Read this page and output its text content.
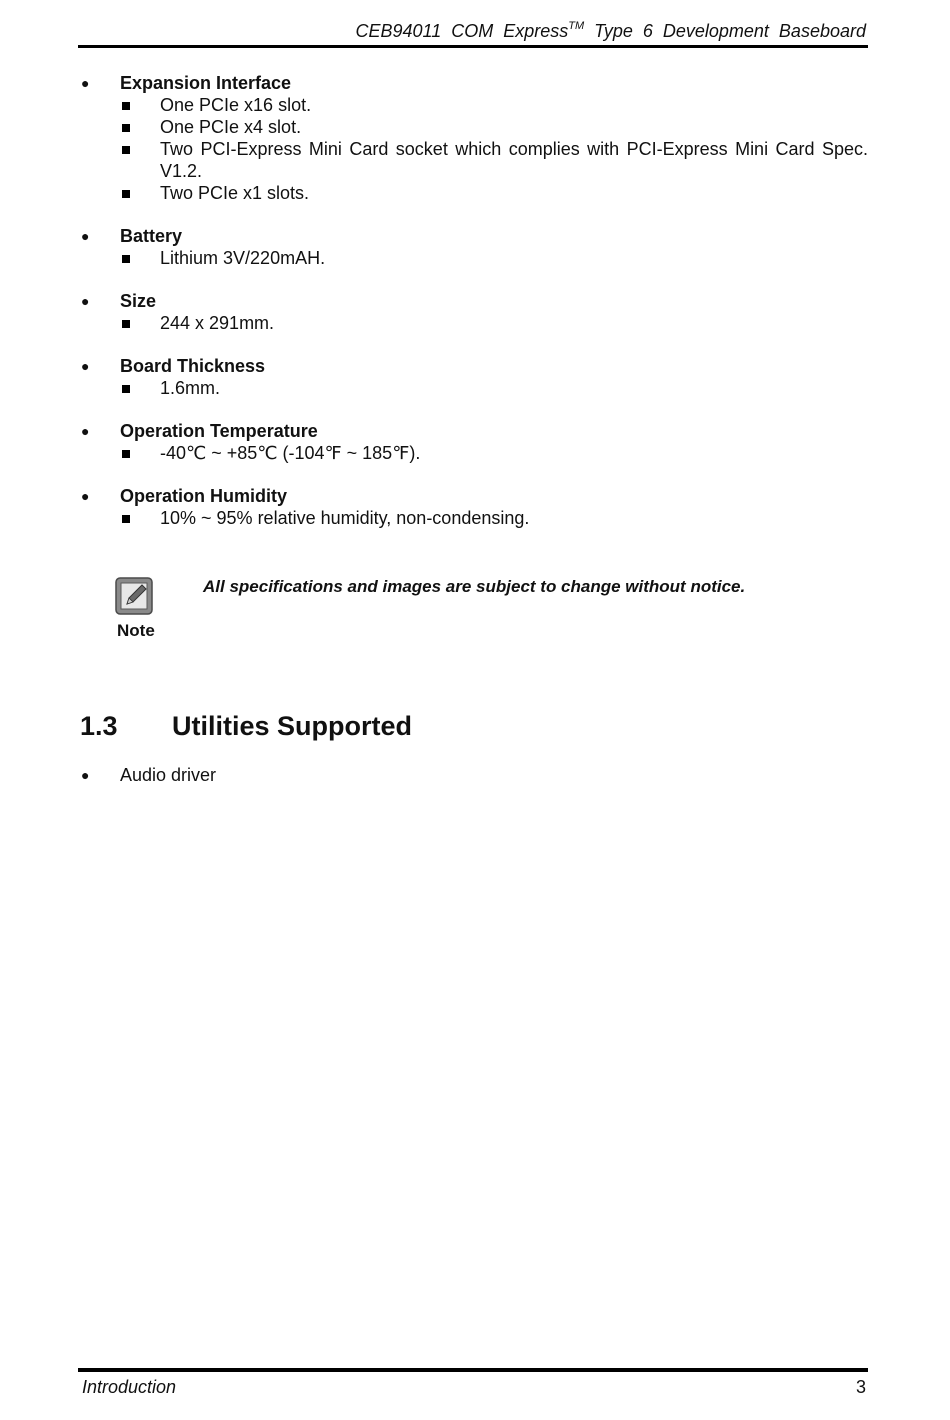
CEB94011 COM Express™ Type 6 Development Baseboard
● Expansion Interface
One PCIe x16 slot.
One PCIe x4 slot.
Two PCI-Express Mini Card socket which complies with PCI-Express Mini Card Spec. V1.2.
Two PCIe x1 slots.
● Battery
Lithium 3V/220mAH.
● Size
244 x 291mm.
● Board Thickness
1.6mm.
● Operation Temperature
-40℃ ~ +85℃ (-104℉ ~ 185℉).
● Operation Humidity
10% ~ 95% relative humidity, non-condensing.
Note
All specifications and images are subject to change without notice.
1.3 Utilities Supported
● Audio driver
Introduction	3
